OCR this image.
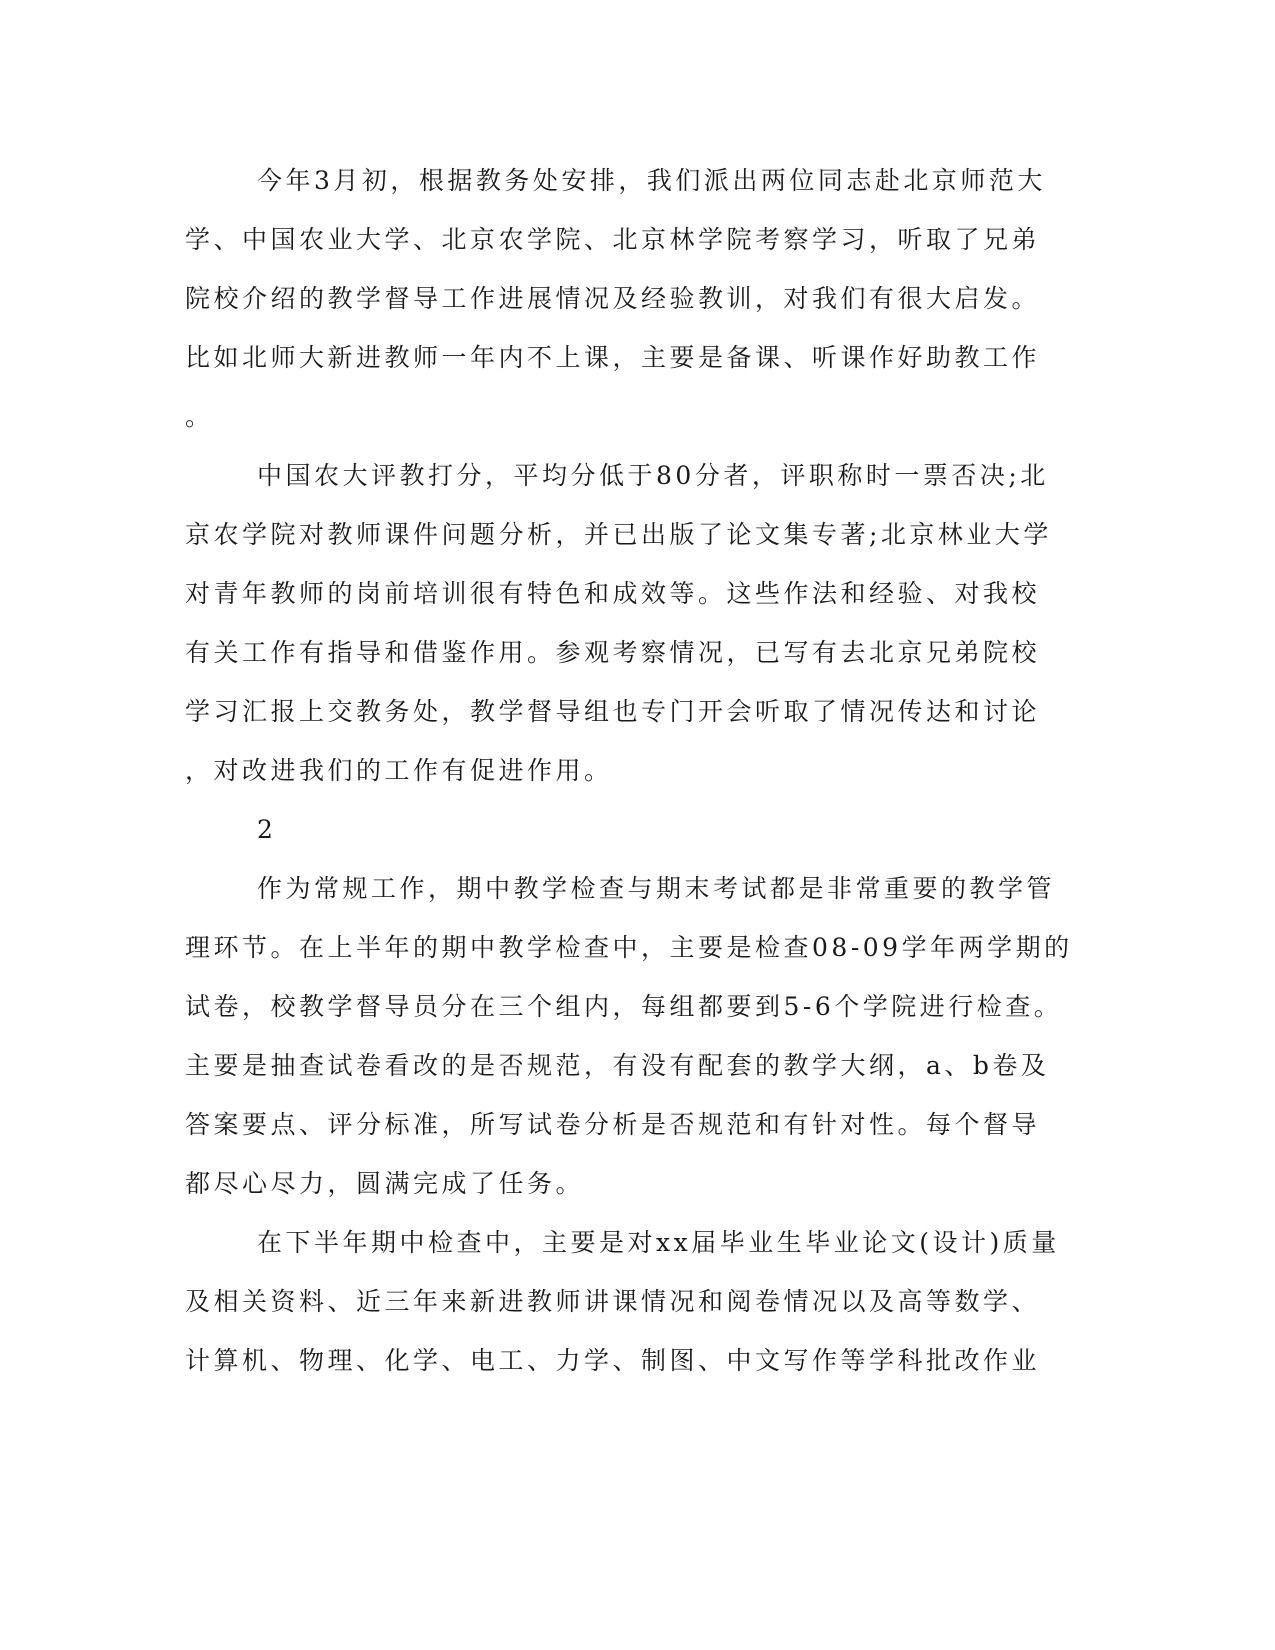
今年3月初，根据教务处安排，我们派出两位同志赴北京师范大

学、中国农业大学、北京农学院、北京林学院考察学习，听取了兄弟

院校介绍的教学督导工作进展情况及经验教训，对我们有很大启发。

比如北师大新进教师一年内不上课，主要是备课、听课作好助教工作

。

中国农大评教打分，平均分低于80分者，评职称时一票否决;北

京农学院对教师课件问题分析，并已出版了论文集专著;北京林业大学

对青年教师的岗前培训很有特色和成效等。这些作法和经验、对我校

有关工作有指导和借鉴作用。参观考察情况，已写有去北京兄弟院校

学习汇报上交教务处，教学督导组也专门开会听取了情况传达和讨论

，对改进我们的工作有促进作用。

2

作为常规工作，期中教学检查与期末考试都是非常重要的教学管

理环节。在上半年的期中教学检查中，主要是检查08-09学年两学期的

试卷，校教学督导员分在三个组内，每组都要到5-6个学院进行检查。

主要是抽查试卷看改的是否规范，有没有配套的教学大纲，a、b卷及

答案要点、评分标准，所写试卷分析是否规范和有针对性。每个督导

都尽心尽力，圆满完成了任务。

在下半年期中检查中，主要是对xx届毕业生毕业论文(设计)质量

及相关资料、近三年来新进教师讲课情况和阅卷情况以及高等数学、

计算机、物理、化学、电工、力学、制图、中文写作等学科批改作业
